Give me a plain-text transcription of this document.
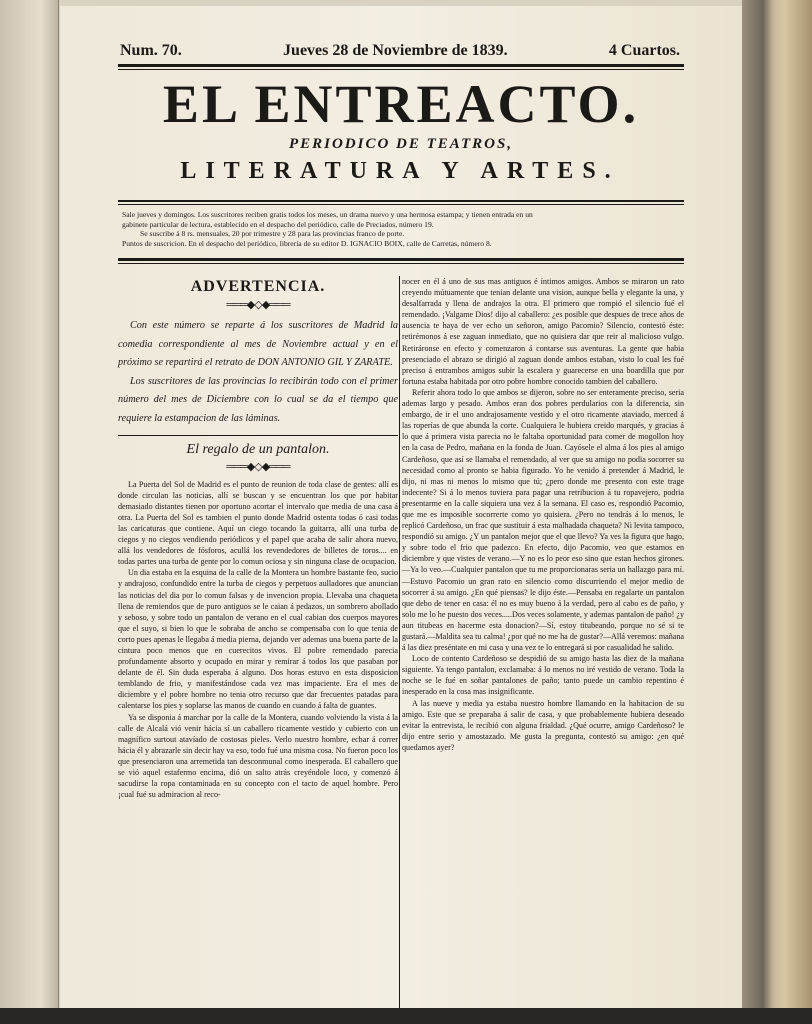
Num. 70.	Jueves 28 de Noviembre de 1839.	4 Cuartos.
EL ENTREACTO.
PERIODICO DE TEATROS,
LITERATURA Y ARTES.
Sale jueves y domingos. Los suscritores reciben gratis todos los meses, un drama nuevo y una hermosa estampa; y tienen entrada en un
gabinete particular de lectura, establecido en el despacho del periódico, calle de Preciados, número 19.
Se suscribe á 8 rs. mensuales, 20 por trimestre y 28 para las provincias franco de porte.
Puntos de suscricion. En el despacho del periódico, librería de su editor D. IGNACIO BOIX, calle de Carretas, número 8.
ADVERTENCIA.
═══◆◇◆═══

Con este número se reparte á los suscritores de Madrid la comedia correspondiente al mes de Noviembre actual y en el próximo se repartirá el retrato de DON ANTONIO GIL Y ZARATE.

Los suscritores de las provincias lo recibirán todo con el primer número del mes de Diciembre con lo cual se da el tiempo que requiere la estampacion de las láminas.

El regalo de un pantalon.
═══◆◇◆═══

La Puerta del Sol de Madrid es el punto de reunion de toda clase de gentes: allí es donde circulan las noticias, allí se buscan y se encuentran los que por habitar demasiado distantes tienen por oportuno acortar el intervalo que media de una casa á otra. La Puerta del Sol es tambien el punto donde Madrid ostenta todas ó casi todas las caricaturas que contiene. Aquí un ciego tocando la guitarra, allí una turba de ciegos y no ciegos vendiendo periódicos y el papel que acaba de salir ahora nuevo, allá los vendedores de fósforos, acullá los revendedores de billetes de toros.... en todas partes una turba de gente por lo comun ociosa y sin ninguna clase de ocupacion.

Un dia estaba en la esquina de la calle de la Montera un hombre bastante feo, sucio y andrajoso, confundido entre la turba de ciegos y perpetuos aulladores que anuncian las noticias del dia por lo comun falsas y de invencion propia. Llevaba una chaqueta llena de remiendos que de puro antiguos se le caian á pedazos, un sombrero abollado y seboso, y sobre todo un pantalon de verano en el cual cabian dos cuerpos mayores que el suyo, si bien lo que le sobraba de ancho se compensaba con lo que tenia de corto pues apenas le llegaba á media pierna, dejando ver ademas una buena parte de la cintura poco menos que en cuerecitos vivos. El pobre remendado parecia profundamente absorto y ocupado en mirar y remirar á todos los que pasaban por delante de él. Sin duda esperaba á alguno. Dos horas estuvo en esta disposicion temblando de frio, y manifestándose cada vez mas impaciente. Era el mes de diciembre y el pobre hombre no tenia otro recurso que dar frecuentes patadas para calentarse los pies y soplarse las manos de cuando en cuando á falta de guantes.

Ya se disponia á marchar por la calle de la Montera, cuando volviendo la vista á la calle de Alcalá vió venir hácia sí un caballero ricamente vestido y cubierto con un magnífico surtout atavíado de costosas pieles. Verlo nuestro hombre, echar á correr hácia él y abrazarle sin decir hay va eso, todo fué una misma cosa. No fueron poco los que presenciaron una arremetida tan desconmunal como inesperada. El caballero que se vió aquel estafermo encima, dió un salto atrás creyéndole loco, y comenzó á sacudirse la ropa contaminada en su concepto con el tacto de aquel hombre. Pero ¡cual fué su admiracion al reco-

nocer en él á uno de sus mas antiguos é íntimos amigos. Ambos se miraron un rato creyendo mútuamente que tenian delante una vision, aunque bella y elegante la una, y desalfarrada y llena de andrajos la otra. El primero que rompió el silencio fué el remendado. ¡Valgame Dios! dijo al caballero: ¿es posible que despues de trece años de ausencia te haya de ver echo un señoron, amigo Pacomio? Silencio, contestó éste: retirémonos á ese zaguan inmediato, que no quisiera dar que reir al malicioso vulgo. Retiráronse en efecto y comenzaron á contarse sus aventuras. La gente que habia presenciado el abrazo se dirigió al zaguan donde ambos estaban, visto lo cual les fué preciso á entrambos amigos subir la escalera y guarecerse en una boardilla que por fortuna estaba habitada por otro pobre hombre conocido tambien del caballero.

Referir ahora todo lo que ambos se dijeron, sobre no ser enteramente preciso, seria ademas largo y pesado. Ambos eran dos pobres perdularios con la diferencia, sin embargo, de ir el uno andrajosamente vestido y el otro ricamente ataviado, merced á las roperías de que abunda la corte. Cualquiera le hubiera creido marqués, y gracias á lo que á primera vista parecia no le faltaba oportunidad para comer de mogollon hoy en la casa de Pedro, mañana en la fonda de Juan. Cayósele el alma á los pies al amigo Cardeñoso, que así se llamaba el remendado, al ver que su amigo no podia socorrer su necesidad como al pronto se habia figurado. Yo he venido á pretender á Madrid, le dijo, ni mas ni menos lo mismo que tú; ¿pero donde me presento con este trage indecente? Si á lo menos tuviera para pagar una retribucion á tu ropavejero, podria presentarme en la calle siquiera una vez á la semana. El caso es, respondió Pacomio, que me es imposible socorrerte como yo quisiera. ¿Pero no tendrás á lo menos, le replicó Cardeñoso, un frac que sustituir á esta malhadada chaqueta? Ni levita tampoco, respondió su amigo. ¿Y un pantalon mejor que el que llevo? Ya ves la figura que hago, y sobre todo el frio que padezco. En efecto, dijo Pacomio, veo que estamos en diciembre y que vistes de verano.—Y no es lo peor eso sino que estan hechos girones.—Ya lo veo.—Cualquier pantalon que tu me proporcionaras seria un hallazgo para mí.—Estuvo Pacomio un gran rato en silencio como discurriendo el mejor medio de socorrer á su amigo. ¿En qué piensas? le dijo éste.—Pensaba en regalarte un pantalon que debo de tener en casa: él no es muy bueno á la verdad, pero al cabo es de paño, y solo me lo he puesto dos veces.....Dos veces solamente, y ademas pantalon de paño! ¿y aun titubeas en hacerme esta donacion?—Sí, estoy titubeando, porque no sé si te gustará.—Maldita sea tu calma! ¿por qué no me ha de gustar?—Allá veremos: mañana á las diez preséntate en mi casa y una vez te lo entregará si por casualidad he salido.

Loco de contento Cardeñoso se despidió de su amigo hasta las diez de la mañana siguiente. Ya tengo pantalon, exclamaba: á lo menos no iré vestido de verano. Toda la noche se le fué en soñar pantalones de paño; tanto puede un cambio repentino é inesperado en la cosa mas insignificante.

A las nueve y media ya estaba nuestro hombre llamando en la habitacion de su amigo. Este que se preparaba á salir de casa, y que probablemente hubiera deseado evitar la entrevista, le recibió con alguna frialdad. ¿Qué ocurre, amigo Cardeñoso? le dijo entre serio y amostazado. Me gusta la pregunta, contestó su amigo: ¿en qué quedamos ayer?
